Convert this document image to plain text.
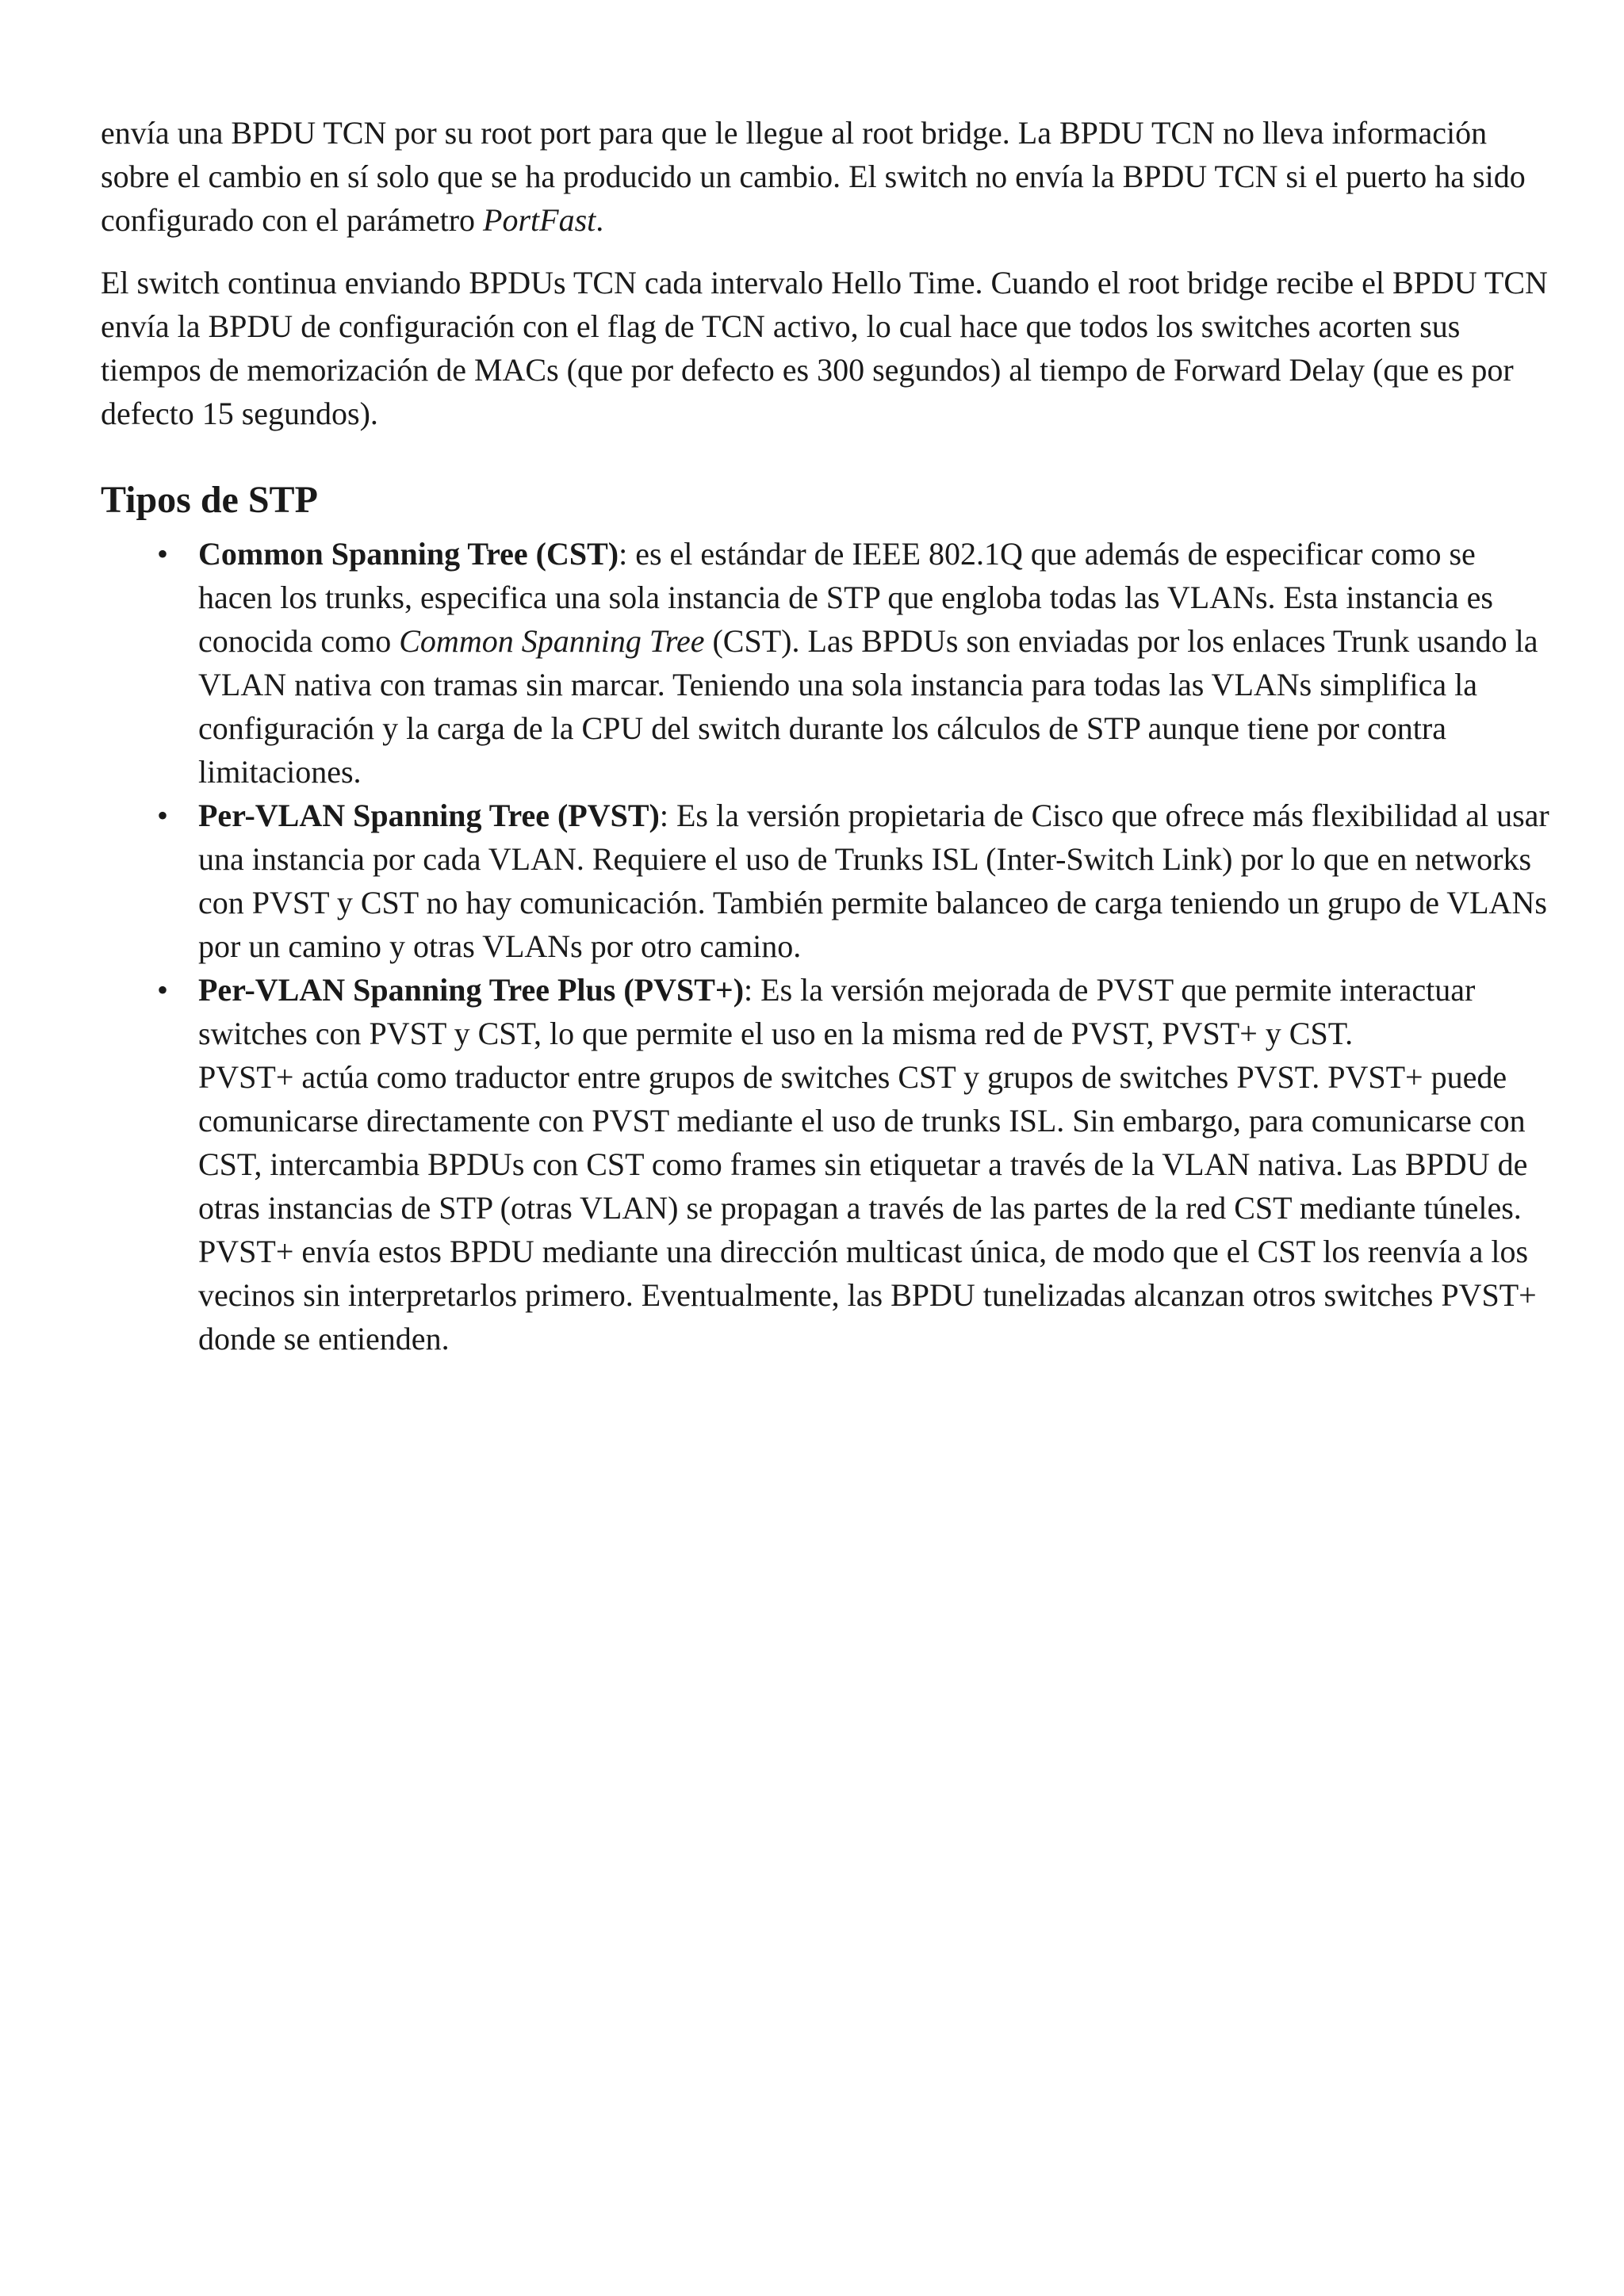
envía una BPDU TCN por su root port para que le llegue al root bridge. La BPDU TCN no lleva información sobre el cambio en sí solo que se ha producido un cambio. El switch no envía la BPDU TCN si el puerto ha sido configurado con el parámetro PortFast.

El switch continua enviando BPDUs TCN cada intervalo Hello Time. Cuando el root bridge recibe el BPDU TCN envía la BPDU de configuración con el flag de TCN activo, lo cual hace que todos los switches acorten sus tiempos de memorización de MACs (que por defecto es 300 segundos) al tiempo de Forward Delay (que es por defecto 15 segundos).

Tipos de STP
• Common Spanning Tree (CST): es el estándar de IEEE 802.1Q que además de especificar como se hacen los trunks, especifica una sola instancia de STP que engloba todas las VLANs. Esta instancia es conocida como Common Spanning Tree (CST). Las BPDUs son enviadas por los enlaces Trunk usando la VLAN nativa con tramas sin marcar. Teniendo una sola instancia para todas las VLANs simplifica la configuración y la carga de la CPU del switch durante los cálculos de STP aunque tiene por contra limitaciones.
• Per-VLAN Spanning Tree (PVST): Es la versión propietaria de Cisco que ofrece más flexibilidad al usar una instancia por cada VLAN. Requiere el uso de Trunks ISL (Inter-Switch Link) por lo que en networks con PVST y CST no hay comunicación. También permite balanceo de carga teniendo un grupo de VLANs por un camino y otras VLANs por otro camino.
• Per-VLAN Spanning Tree Plus (PVST+): Es la versión mejorada de PVST que permite interactuar switches con PVST y CST, lo que permite el uso en la misma red de PVST, PVST+ y CST.
PVST+ actúa como traductor entre grupos de switches CST y grupos de switches PVST. PVST+ puede comunicarse directamente con PVST mediante el uso de trunks ISL. Sin embargo, para comunicarse con CST, intercambia BPDUs con CST como frames sin etiquetar a través de la VLAN nativa. Las BPDU de otras instancias de STP (otras VLAN) se propagan a través de las partes de la red CST mediante túneles. PVST+ envía estos BPDU mediante una dirección multicast única, de modo que el CST los reenvía a los vecinos sin interpretarlos primero. Eventualmente, las BPDU tunelizadas alcanzan otros switches PVST+ donde se entienden.
